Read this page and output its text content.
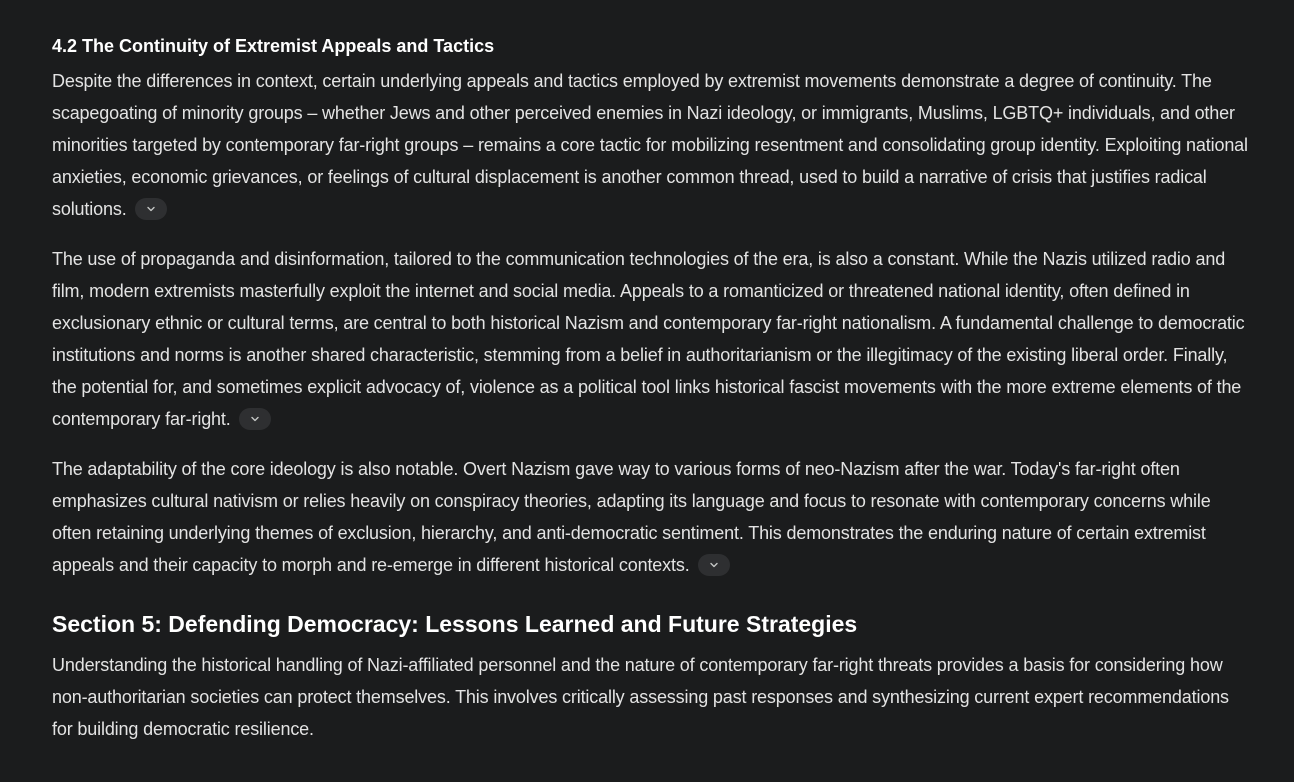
4.2 The Continuity of Extremist Appeals and Tactics

Despite the differences in context, certain underlying appeals and tactics employed by extremist movements demonstrate a degree of continuity. The scapegoating of minority groups – whether Jews and other perceived enemies in Nazi ideology, or immigrants, Muslims, LGBTQ+ individuals, and other minorities targeted by contemporary far-right groups – remains a core tactic for mobilizing resentment and consolidating group identity. Exploiting national anxieties, economic grievances, or feelings of cultural displacement is another common thread, used to build a narrative of crisis that justifies radical solutions.

The use of propaganda and disinformation, tailored to the communication technologies of the era, is also a constant. While the Nazis utilized radio and film, modern extremists masterfully exploit the internet and social media. Appeals to a romanticized or threatened national identity, often defined in exclusionary ethnic or cultural terms, are central to both historical Nazism and contemporary far-right nationalism. A fundamental challenge to democratic institutions and norms is another shared characteristic, stemming from a belief in authoritarianism or the illegitimacy of the existing liberal order. Finally, the potential for, and sometimes explicit advocacy of, violence as a political tool links historical fascist movements with the more extreme elements of the contemporary far-right.

The adaptability of the core ideology is also notable. Overt Nazism gave way to various forms of neo-Nazism after the war. Today's far-right often emphasizes cultural nativism or relies heavily on conspiracy theories, adapting its language and focus to resonate with contemporary concerns while often retaining underlying themes of exclusion, hierarchy, and anti-democratic sentiment. This demonstrates the enduring nature of certain extremist appeals and their capacity to morph and re-emerge in different historical contexts.

Section 5: Defending Democracy: Lessons Learned and Future Strategies

Understanding the historical handling of Nazi-affiliated personnel and the nature of contemporary far-right threats provides a basis for considering how non-authoritarian societies can protect themselves. This involves critically assessing past responses and synthesizing current expert recommendations for building democratic resilience.
